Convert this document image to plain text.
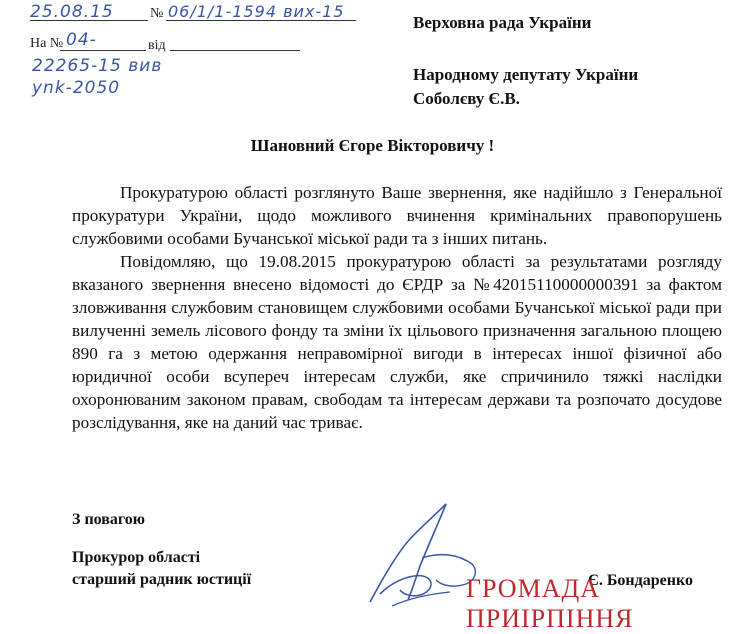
25.08.15	№ 06/1/1-1594 вих-15
На № 04-	від
22265-15 вив
ynk-2050
Верховна рада України
Народному депутату України
Соболєву Є.В.
Шановний Єгоре Вікторовичу !

Прокуратурою області розглянуто Ваше звернення, яке надійшло з Генеральної прокуратури України, щодо можливого вчинення кримінальних правопорушень службовими особами Бучанської міської ради та з інших питань.

Повідомляю, що 19.08.2015 прокуратурою області за результатами розгляду вказаного звернення внесено відомості до ЄРДР за №42015110000000391 за фактом зловживання службовим становищем службовими особами Бучанської міської ради при вилученні земель лісового фонду та зміни їх цільового призначення загальною площею 890 га з метою одержання неправомірної вигоди в інтересах іншої фізичної або юридичної особи всупереч інтересам служби, яке спричинило тяжкі наслідки охоронюваним законом правам, свободам та інтересам держави та розпочато досудове розслідування, яке на даний час триває.

З повагою
Прокурор області
старший радник юстиції	Є. Бондаренко
ГРОМАДА ПРИІРПІННЯ
